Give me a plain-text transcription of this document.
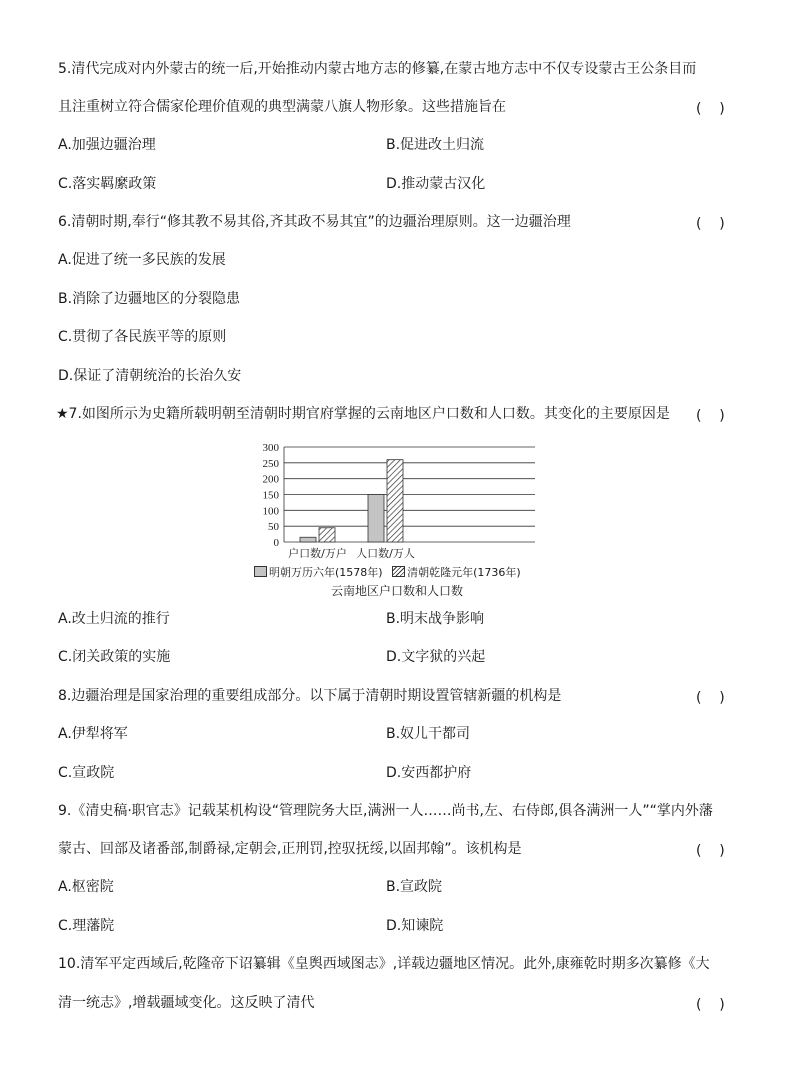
5.清代完成对内外蒙古的统一后,开始推动内蒙古地方志的修纂,在蒙古地方志中不仅专设蒙古王公条目而
且注重树立符合儒家伦理价值观的典型满蒙八旗人物形象。这些措施旨在	(    )
A.加强边疆治理	B.促进改土归流
C.落实羁縻政策	D.推动蒙古汉化
6.清朝时期,奉行“修其教不易其俗,齐其政不易其宜”的边疆治理原则。这一边疆治理	(    )
A.促进了统一多民族的发展
B.消除了边疆地区的分裂隐患
C.贯彻了各民族平等的原则
D.保证了清朝统治的长治久安
★7.如图所示为史籍所载明朝至清朝时期官府掌握的云南地区户口数和人口数。其变化的主要原因是 (    )
0
50
100
150
200
250
300
户口数/万户 人口数/万人
明朝万历六年(1578年) 清朝乾隆元年(1736年)
云南地区户口数和人口数
A.改土归流的推行	B.明末战争影响
C.闭关政策的实施	D.文字狱的兴起
8.边疆治理是国家治理的重要组成部分。以下属于清朝时期设置管辖新疆的机构是	(    )
A.伊犁将军	B.奴儿干都司
C.宣政院	D.安西都护府
9.《清史稿·职官志》记载某机构设“管理院务大臣,满洲一人……尚书,左、右侍郎,俱各满洲一人”“掌内外藩
蒙古、回部及诸番部,制爵禄,定朝会,正刑罚,控驭抚绥,以固邦翰”。该机构是	(    )
A.枢密院	B.宣政院
C.理藩院	D.知谏院
10.清军平定西域后,乾隆帝下诏纂辑《皇舆西域图志》,详载边疆地区情况。此外,康雍乾时期多次纂修《大
清一统志》,增载疆域变化。这反映了清代	(    )
